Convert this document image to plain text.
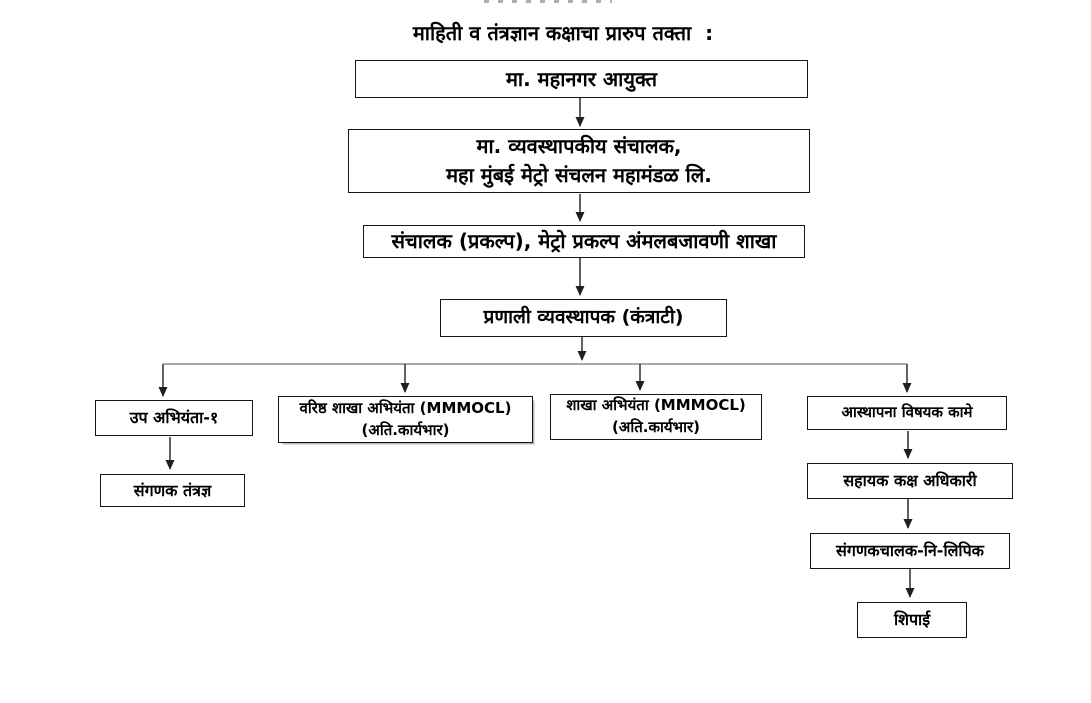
माहिती व तंत्रज्ञान कक्षाचा प्रारुप तक्ता :
मा. महानगर आयुक्त
मा. व्यवस्थापकीय संचालक,
महा मुंबई मेट्रो संचलन महामंडळ लि.
संचालक (प्रकल्प), मेट्रो प्रकल्प अंमलबजावणी शाखा
प्रणाली व्यवस्थापक (कंत्राटी)
उप अभियंता-१
वरिष्ठ शाखा अभियंता (MMMOCL)
(अति.कार्यभार)
शाखा अभियंता (MMMOCL)
(अति.कार्यभार)
आस्थापना विषयक कामे
संगणक तंत्रज्ञ	सहायक कक्ष अधिकारी
संगणकचालक-नि-लिपिक
शिपाई
